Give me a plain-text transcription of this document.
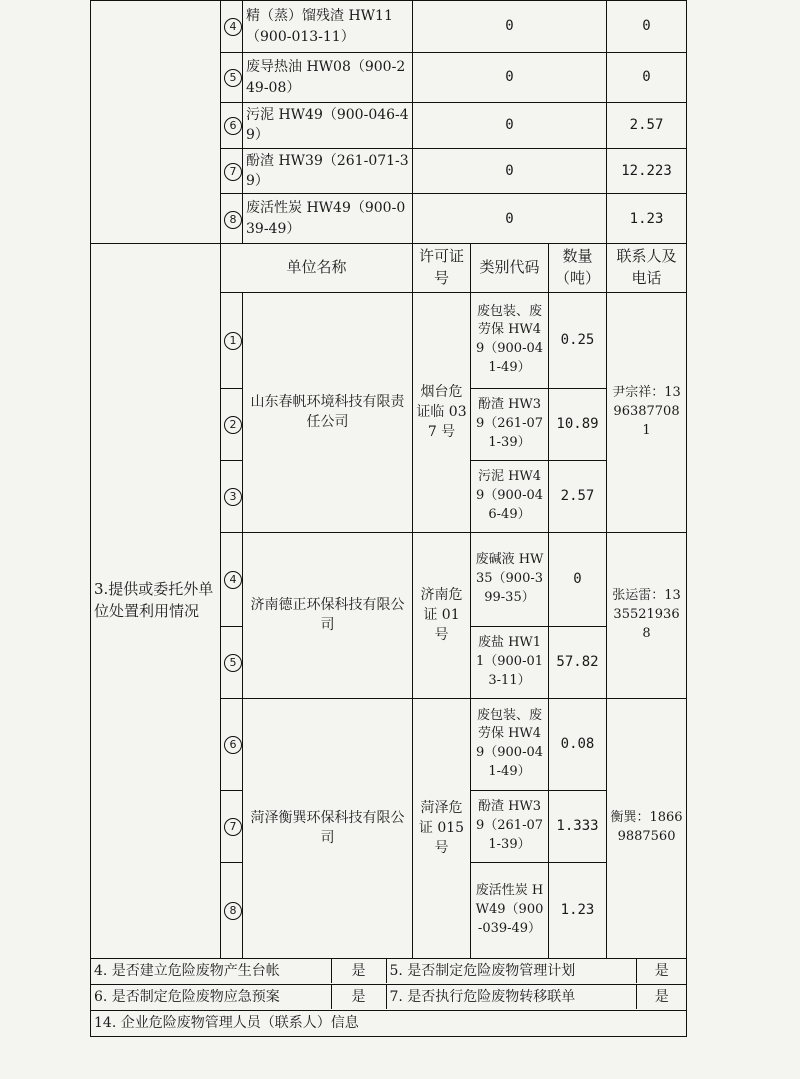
	4	精（蒸）馏残渣 HW11（900-013-11）	0	0
5	废导热油 HW08（900-249-08）	0	0
6	污泥 HW49（900-046-49）	0	2.57
7	酚渣 HW39（261-071-39）	0	12.223
8	废活性炭 HW49（900-039-49）	0	1.23
3.提供或委托外单位处置利用情况	单位名称	许可证号	类别代码	数量（吨）	联系人及电话
1	山东春帆环境科技有限责任公司	烟台危证临 037 号	废包装、废劳保 HW49（900-041-49）	0.25	尹宗祥：13963877081
2	酚渣 HW39（261-071-39）	10.89
3	污泥 HW49（900-046-49）	2.57
4	济南德正环保科技有限公司	济南危证 01 号	废碱液 HW35（900-399-35）	0	张运雷：13355219368
5	废盐 HW11（900-013-11）	57.82
6	菏泽衡巽环保科技有限公司	菏泽危证 015 号	废包装、废劳保 HW49（900-041-49）	0.08	衡巽：18669887560
7	酚渣 HW39（261-071-39）	1.333
8	废活性炭 HW49（900-039-49）	1.23

4. 是否建立危险废物产生台帐	是	5. 是否制定危险废物管理计划	是

6. 是否制定危险废物应急预案	是	7. 是否执行危险废物转移联单	是

14. 企业危险废物管理人员（联系人）信息
